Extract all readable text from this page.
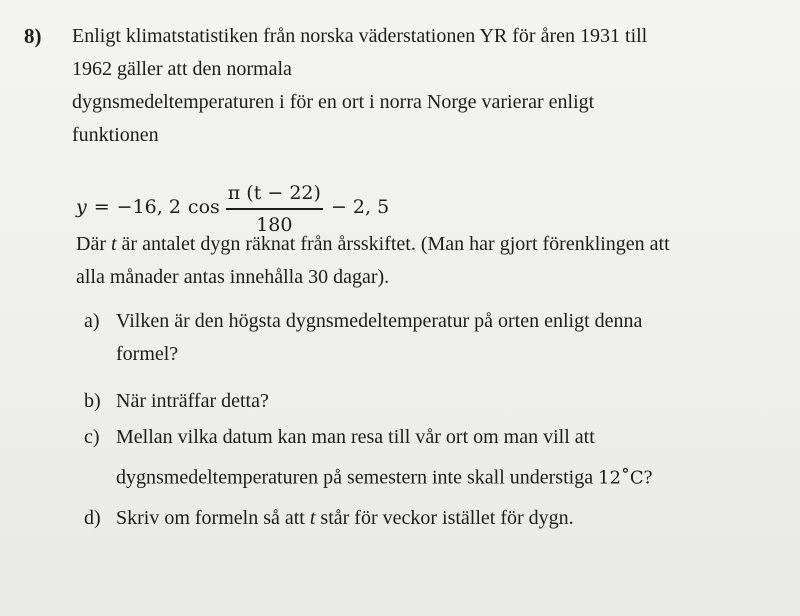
8) Enligt klimatstatistiken från norska väderstationen YR för åren 1931 till
1962 gäller att den normala
dygnsmedeltemperaturen i för en ort i norra Norge varierar enligt
funktionen
y = −16, 2 $\cos \frac{\pi (t - 22)}{180} - 2$, 5
Där t är antalet dygn räknat från årsskiftet. (Man har gjort förenklingen att
alla månader antas innehålla 30 dagar).
a) Vilken är den högsta dygnsmedeltemperatur på orten enligt denna
formel?
b) När inträffar detta?
c) Mellan vilka datum kan man resa till vår ort om man vill att
dygnsmedeltemperaturen på semestern inte skall understiga 12∘C?
d) Skriv om formeln så att t står för veckor istället för dygn.
